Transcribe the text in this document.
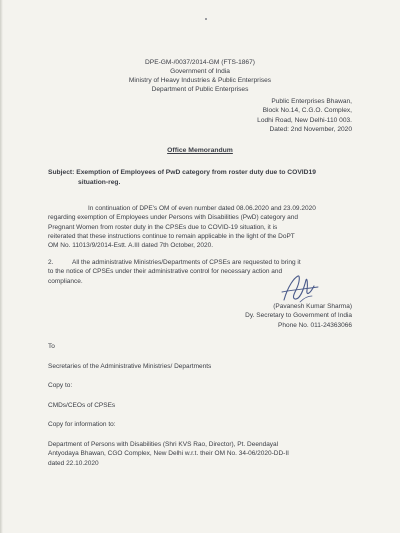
DPE-GM-/0037/2014-GM (FTS-1867)
Government of India
Ministry of Heavy Industries & Public Enterprises
Department of Public Enterprises
Public Enterprises Bhawan,
Block No.14, C.G.O. Complex,
Lodhi Road, New Delhi-110 003.
Dated: 2nd November, 2020
Office Memorandum
Subject: Exemption of Employees of PwD category from roster duty due to COVID19
situation-reg.
In continuation of DPE's OM of even number dated 08.06.2020 and 23.09.2020
regarding exemption of Employees under Persons with Disabilities (PwD) category and
Pregnant Women from roster duty in the CPSEs due to COVID-19 situation, it is
reiterated that these instructions continue to remain applicable in the light of the DoPT
OM No. 11013/9/2014-Estt. A.III dated 7th October, 2020.
2.	All the administrative Ministries/Departments of CPSEs are requested to bring it
to the notice of CPSEs under their administrative control for necessary action and
compliance.
(Pavanesh Kumar Sharma)
Dy. Secretary to Government of India
Phone No. 011-24363066
To
Secretaries of the Administrative Ministries/ Departments
Copy to:
CMDs/CEOs of CPSEs
Copy for information to:
Department of Persons with Disabilities (Shri KVS Rao, Director), Pt. Deendayal
Antyodaya Bhawan, CGO Complex, New Delhi w.r.t. their OM No. 34-06/2020-DD-II
dated 22.10.2020
